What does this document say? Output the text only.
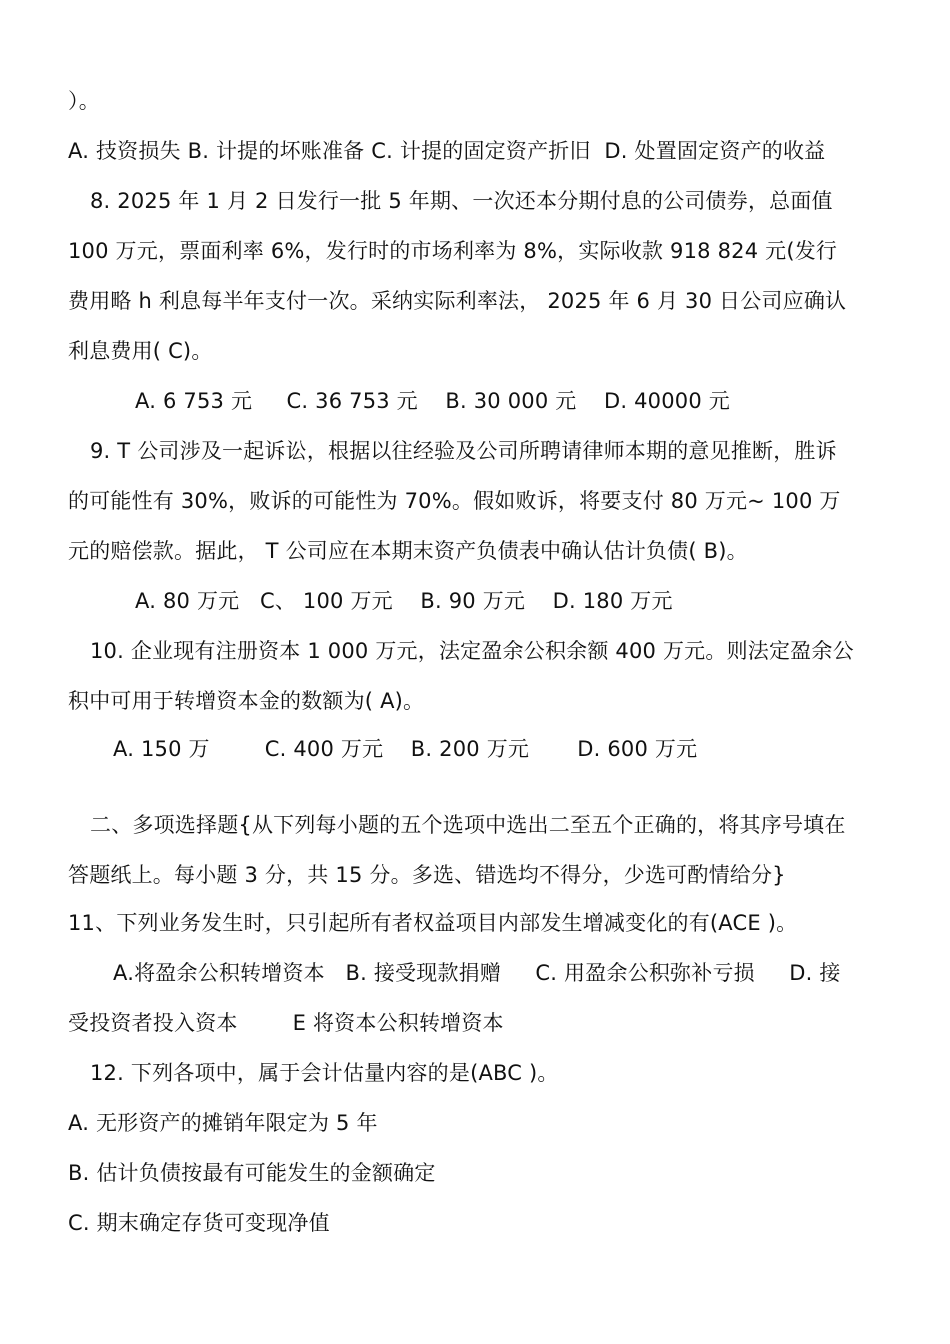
）。
A. 技资损失 B. 计提的坏账准备 C. 计提的固定资产折旧  D. 处置固定资产的收益
8. 2025 年 1 月 2 日发行一批 5 年期、一次还本分期付息的公司债券，总面值
100 万元，票面利率 6%，发行时的市场利率为 8%，实际收款 918 824 元(发行
费用略 h 利息每半年支付一次。采纳实际利率法， 2025 年 6 月 30 日公司应确认
利息费用( C)。
A. 6 753 元     C. 36 753 元    B. 30 000 元    D. 40000 元
9. T 公司涉及一起诉讼，根据以往经验及公司所聘请律师本期的意见推断，胜诉
的可能性有 30%，败诉的可能性为 70%。假如败诉，将要支付 80 万元~ 100 万
元的赔偿款。据此， T 公司应在本期末资产负债表中确认估计负债( B)。
A. 80 万元   C、 100 万元    B. 90 万元    D. 180 万元
10. 企业现有注册资本 1 000 万元，法定盈余公积余额 400 万元。则法定盈余公
积中可用于转增资本金的数额为( A)。
A. 150 万        C. 400 万元    B. 200 万元       D. 600 万元
二、多项选择题{从下列每小题的五个选项中选出二至五个正确的，将其序号填在
答题纸上。每小题 3 分，共 15 分。多选、错选均不得分，少选可酌情给分}
11、下列业务发生时，只引起所有者权益项目内部发生增减变化的有(ACE )。
A.将盈余公积转增资本   B. 接受现款捐赠     C. 用盈余公积弥补亏损     D. 接
受投资者投入资本        E 将资本公积转增资本
12. 下列各项中，属于会计估量内容的是(ABC )。
A. 无形资产的摊销年限定为 5 年
B. 估计负债按最有可能发生的金额确定
C. 期末确定存货可变现净值
